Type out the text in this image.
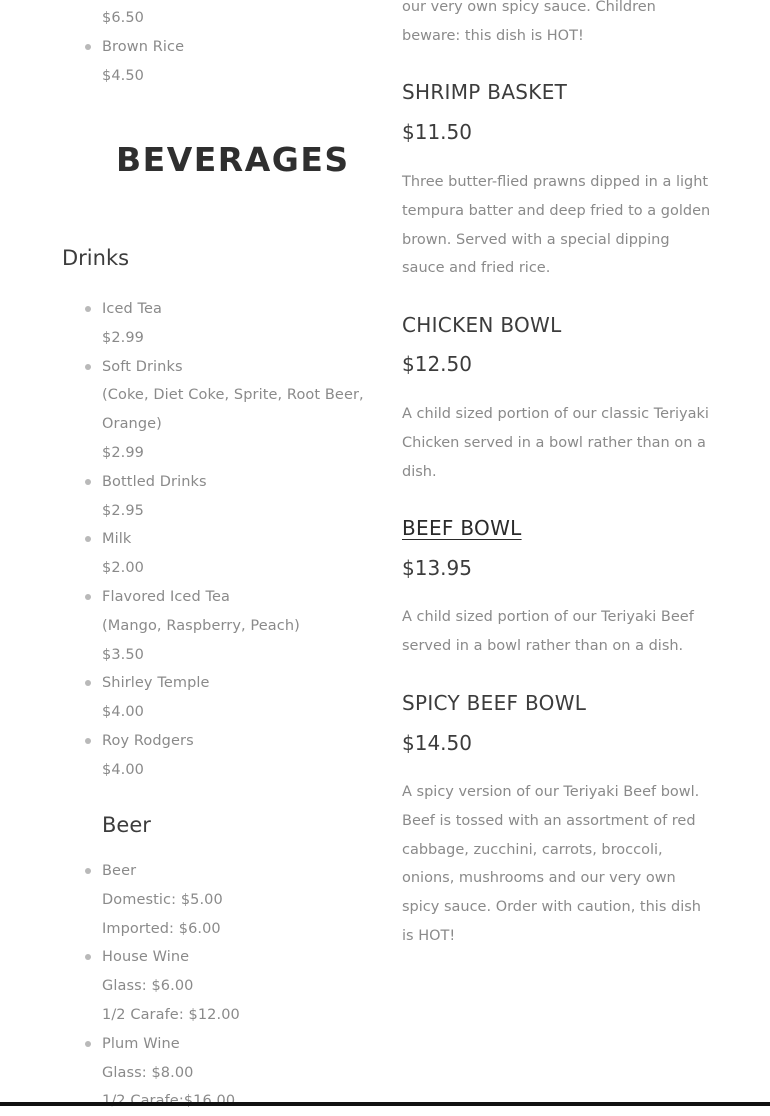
$6.50
Brown Rice
$4.50
BEVERAGES
Drinks
Iced Tea
$2.99
Soft Drinks
(Coke, Diet Coke, Sprite, Root Beer,
Orange)
$2.99
Bottled Drinks
$2.95
Milk
$2.00
Flavored Iced Tea
(Mango, Raspberry, Peach)
$3.50
Shirley Temple
$4.00
Roy Rodgers
$4.00
Beer
Beer
Domestic: $5.00
Imported: $6.00
House Wine
Glass: $6.00
1/2 Carafe: $12.00
Plum Wine
Glass: $8.00
our very own spicy sauce. Children beware: this dish is HOT!
SHRIMP BASKET
$11.50
Three butter-flied prawns dipped in a light tempura batter and deep fried to a golden brown. Served with a special dipping sauce and fried rice.
CHICKEN BOWL
$12.50
A child sized portion of our classic Teriyaki Chicken served in a bowl rather than on a dish.
BEEF BOWL
$13.95
A child sized portion of our Teriyaki Beef served in a bowl rather than on a dish.
SPICY BEEF BOWL
$14.50
A spicy version of our Teriyaki Beef bowl. Beef is tossed with an assortment of red cabbage, zucchini, carrots, broccoli, onions, mushrooms and our very own spicy sauce. Order with caution, this dish is HOT!
